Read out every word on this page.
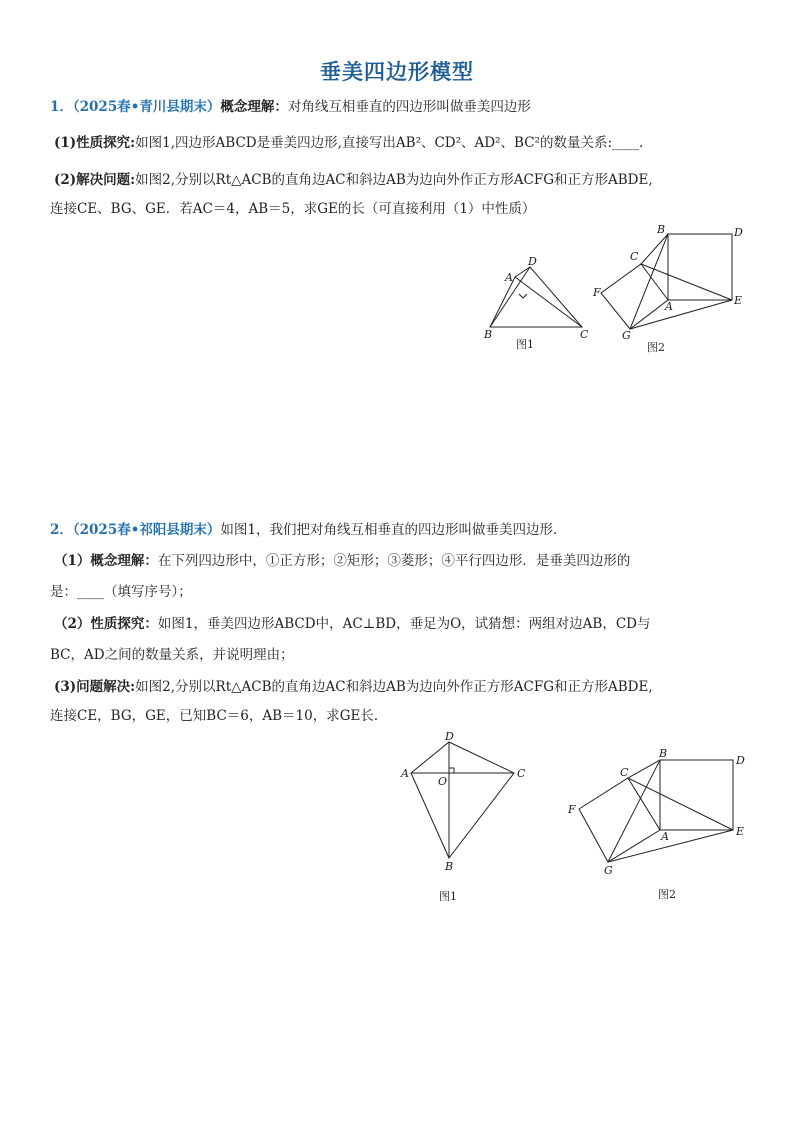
垂美四边形模型
1．（2025春•青川县期末）概念理解：对角线互相垂直的四边形叫做垂美四边形
(1)性质探究:如图1,四边形ABCD是垂美四边形,直接写出AB²、CD²、AD²、BC²的数量关系:____.
(2)解决问题:如图2,分别以Rt△ACB的直角边AC和斜边AB为边向外作正方形ACFG和正方形ABDE,
连接CE、BG、GE．若AC＝4，AB＝5，求GE的长（可直接利用（1）中性质）
A
D
B	C
图1
B	D
C
F
A	E
G
图2
2．（2025春•祁阳县期末）如图1，我们把对角线互相垂直的四边形叫做垂美四边形．
（1）概念理解：在下列四边形中，①正方形；②矩形；③菱形；④平行四边形．是垂美四边形的
是：____（填写序号）；
（2）性质探究：如图1，垂美四边形ABCD中，AC⊥BD，垂足为O，试猜想：两组对边AB，CD与
BC，AD之间的数量关系，并说明理由；
(3)问题解决:如图2,分别以Rt△ACB的直角边AC和斜边AB为边向外作正方形ACFG和正方形ABDE,
连接CE，BG，GE，已知BC＝6，AB＝10，求GE长．
D
A	C
O
B
图1
B
D
C
F
A	E
G
图2
